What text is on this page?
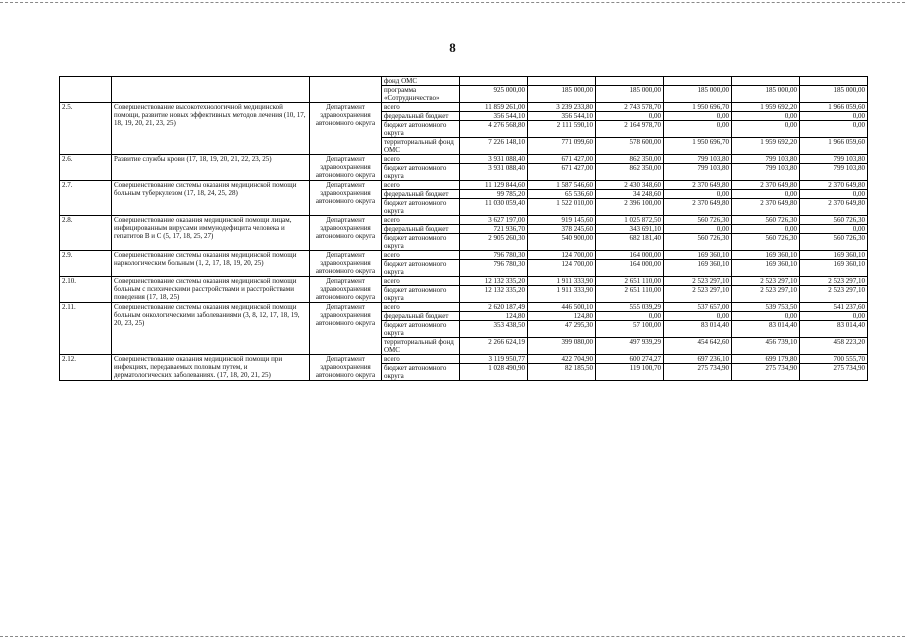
8
			фонд ОМС						
			программа «Сотрудничество»	925 000,00	185 000,00	185 000,00	185 000,00	185 000,00	185 000,00
2.5.	Совершенствование высокотехнологичной медицинской помощи, развитие новых эффективных методов лечения (10, 17, 18, 19, 20, 21, 23, 25)	Департамент здравоохранения автономного округа	всего	11 859 261,00	3 239 233,80	2 743 578,70	1 950 696,70	1 959 692,20	1 966 059,60
			федеральный бюджет	356 544,10	356 544,10	0,00	0,00	0,00	0,00
			бюджет автономного округа	4 276 568,80	2 111 590,10	2 164 978,70	0,00	0,00	0,00
			территориальный фонд ОМС	7 226 148,10	771 099,60	578 600,00	1 950 696,70	1 959 692,20	1 966 059,60
2.6.	Развитие службы крови (17, 18, 19, 20, 21, 22, 23, 25)	Департамент здравоохранения автономного округа	всего	3 931 088,40	671 427,00	862 350,00	799 103,80	799 103,80	799 103,80
			бюджет автономного округа	3 931 088,40	671 427,00	862 350,00	799 103,80	799 103,80	799 103,80
2.7.	Совершенствование системы оказания медицинской помощи больным туберкулезом (17, 18, 24, 25, 28)	Департамент здравоохранения автономного округа	всего	11 129 844,60	1 587 546,60	2 430 348,60	2 370 649,80	2 370 649,80	2 370 649,80
			федеральный бюджет	99 785,20	65 536,60	34 248,60	0,00	0,00	0,00
			бюджет автономного округа	11 030 059,40	1 522 010,00	2 396 100,00	2 370 649,80	2 370 649,80	2 370 649,80
2.8.	Совершенствование оказания медицинской помощи лицам, инфицированным вирусами иммунодефицита человека и гепатитов В и С (5, 17, 18, 25, 27)	Департамент здравоохранения автономного округа	всего	3 627 197,00	919 145,60	1 025 872,50	560 726,30	560 726,30	560 726,30
			федеральный бюджет	721 936,70	378 245,60	343 691,10	0,00	0,00	0,00
			бюджет автономного округа	2 905 260,30	540 900,00	682 181,40	560 726,30	560 726,30	560 726,30
2.9.	Совершенствование системы оказания медицинской помощи наркологическим больным (1, 2, 17, 18, 19, 20, 25)	Департамент здравоохранения автономного округа	всего	796 780,30	124 700,00	164 000,00	169 360,10	169 360,10	169 360,10
			бюджет автономного округа	796 780,30	124 700,00	164 000,00	169 360,10	169 360,10	169 360,10
2.10.	Совершенствование системы оказания медицинской помощи больным с психическими расстройствами и расстройствами поведения (17, 18, 25)	Департамент здравоохранения автономного округа	всего	12 132 335,20	1 911 333,90	2 651 110,00	2 523 297,10	2 523 297,10	2 523 297,10
			бюджет автономного округа	12 132 335,20	1 911 333,90	2 651 110,00	2 523 297,10	2 523 297,10	2 523 297,10
2.11.	Совершенствование системы оказания медицинской помощи больным онкологическими заболеваниями (3, 8, 12, 17, 18, 19, 20, 23, 25)	Департамент здравоохранения автономного округа	всего	2 620 187,49	446 500,10	555 039,29	537 657,00	539 753,50	541 237,60
			федеральный бюджет	124,80	124,80	0,00	0,00	0,00	0,00
			бюджет автономного округа	353 438,50	47 295,30	57 100,00	83 014,40	83 014,40	83 014,40
			территориальный фонд ОМС	2 266 624,19	399 080,00	497 939,29	454 642,60	456 739,10	458 223,20
2.12.	Совершенствование оказания медицинской помощи при инфекциях, передаваемых половым путем, и дерматологических заболеваниях. (17, 18, 20, 21, 25)	Департамент здравоохранения автономного округа	всего	3 119 950,77	422 704,90	600 274,27	697 236,10	699 179,80	700 555,70
			бюджет автономного округа	1 028 490,90	82 185,50	119 100,70	275 734,90	275 734,90	275 734,90
